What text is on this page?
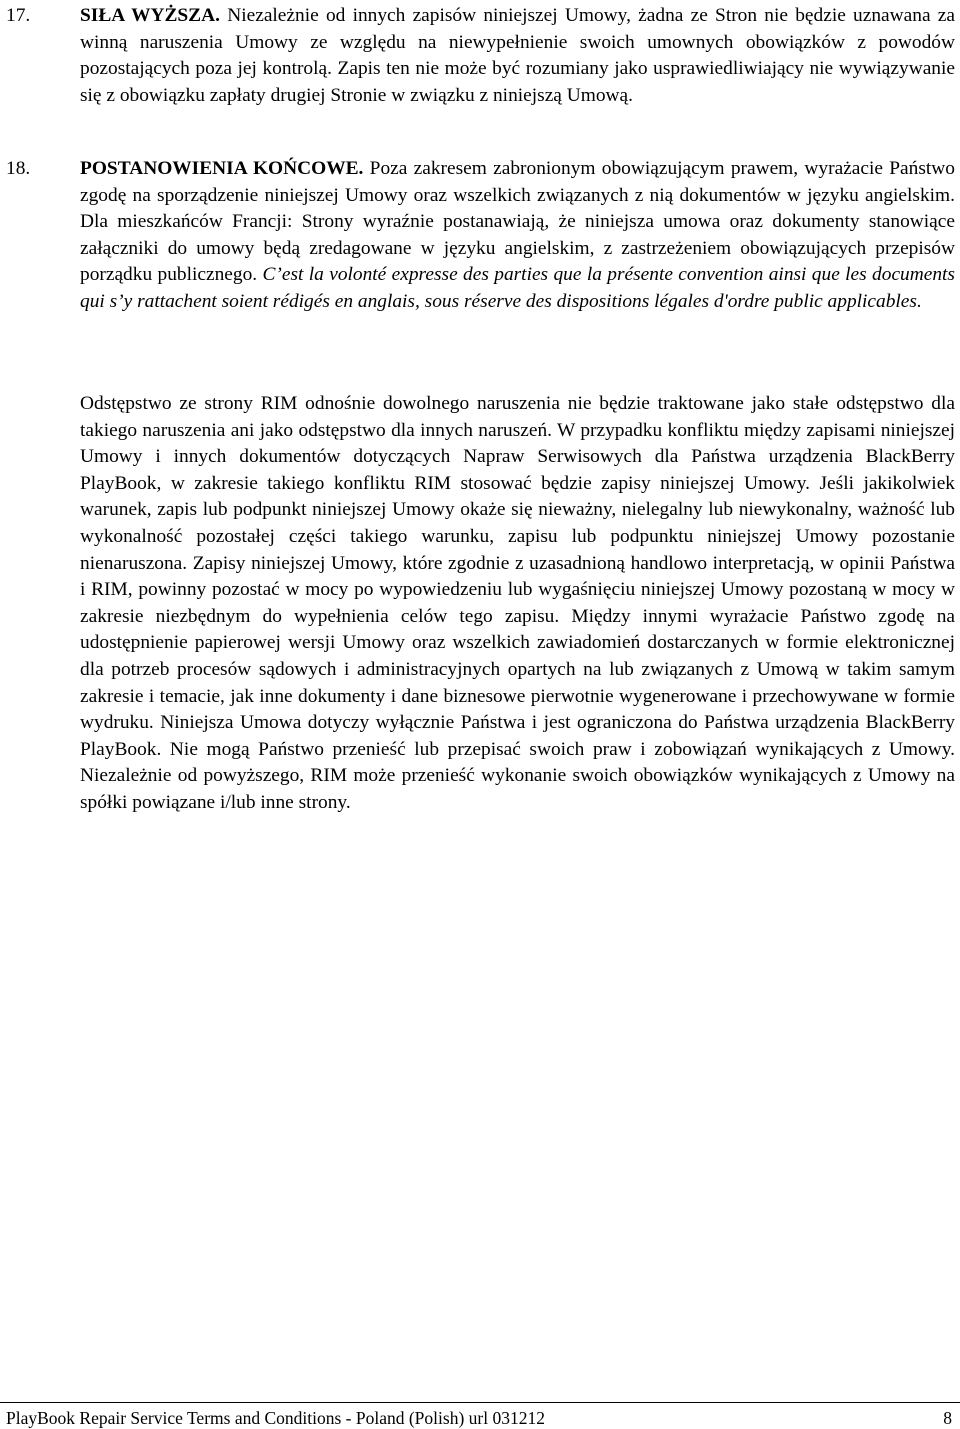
17.	SIŁA WYŻSZA. Niezależnie od innych zapisów niniejszej Umowy, żadna ze Stron nie będzie uznawana za winną naruszenia Umowy ze względu na niewypełnienie swoich umownych obowiązków z powodów pozostających poza jej kontrolą. Zapis ten nie może być rozumiany jako usprawiedliwiający nie wywiązywanie się z obowiązku zapłaty drugiej Stronie w związku z niniejszą Umową.
18.	POSTANOWIENIA KOŃCOWE. Poza zakresem zabronionym obowiązującym prawem, wyrażacie Państwo zgodę na sporządzenie niniejszej Umowy oraz wszelkich związanych z nią dokumentów w języku angielskim. Dla mieszkańców Francji: Strony wyraźnie postanawiają, że niniejsza umowa oraz dokumenty stanowiące załączniki do umowy będą zredagowane w języku angielskim, z zastrzeżeniem obowiązujących przepisów porządku publicznego. C’est la volonté expresse des parties que la présente convention ainsi que les documents qui s’y rattachent soient rédigés en anglais, sous réserve des dispositions légales d'ordre public applicables.
Odstępstwo ze strony RIM odnośnie dowolnego naruszenia nie będzie traktowane jako stałe odstępstwo dla takiego naruszenia ani jako odstępstwo dla innych naruszeń. W przypadku konfliktu między zapisami niniejszej Umowy i innych dokumentów dotyczących Napraw Serwisowych dla Państwa urządzenia BlackBerry PlayBook, w zakresie takiego konfliktu RIM stosować będzie zapisy niniejszej Umowy. Jeśli jakikolwiek warunek, zapis lub podpunkt niniejszej Umowy okaże się nieważny, nielegalny lub niewykonalny, ważność lub wykonalność pozostałej części takiego warunku, zapisu lub podpunktu niniejszej Umowy pozostanie nienaruszona. Zapisy niniejszej Umowy, które zgodnie z uzasadnioną handlowo interpretacją, w opinii Państwa i RIM, powinny pozostać w mocy po wypowiedzeniu lub wygaśnięciu niniejszej Umowy pozostaną w mocy w zakresie niezbędnym do wypełnienia celów tego zapisu. Między innymi wyrażacie Państwo zgodę na udostępnienie papierowej wersji Umowy oraz wszelkich zawiadomień dostarczanych w formie elektronicznej dla potrzeb procesów sądowych i administracyjnych opartych na lub związanych z Umową w takim samym zakresie i temacie, jak inne dokumenty i dane biznesowe pierwotnie wygenerowane i przechowywane w formie wydruku. Niniejsza Umowa dotyczy wyłącznie Państwa i jest ograniczona do Państwa urządzenia BlackBerry PlayBook. Nie mogą Państwo przenieść lub przepisać swoich praw i zobowiązań wynikających z Umowy. Niezależnie od powyższego, RIM może przenieść wykonanie swoich obowiązków wynikających z Umowy na spółki powiązane i/lub inne strony.
PlayBook Repair Service Terms and Conditions - Poland (Polish) url 031212	8
